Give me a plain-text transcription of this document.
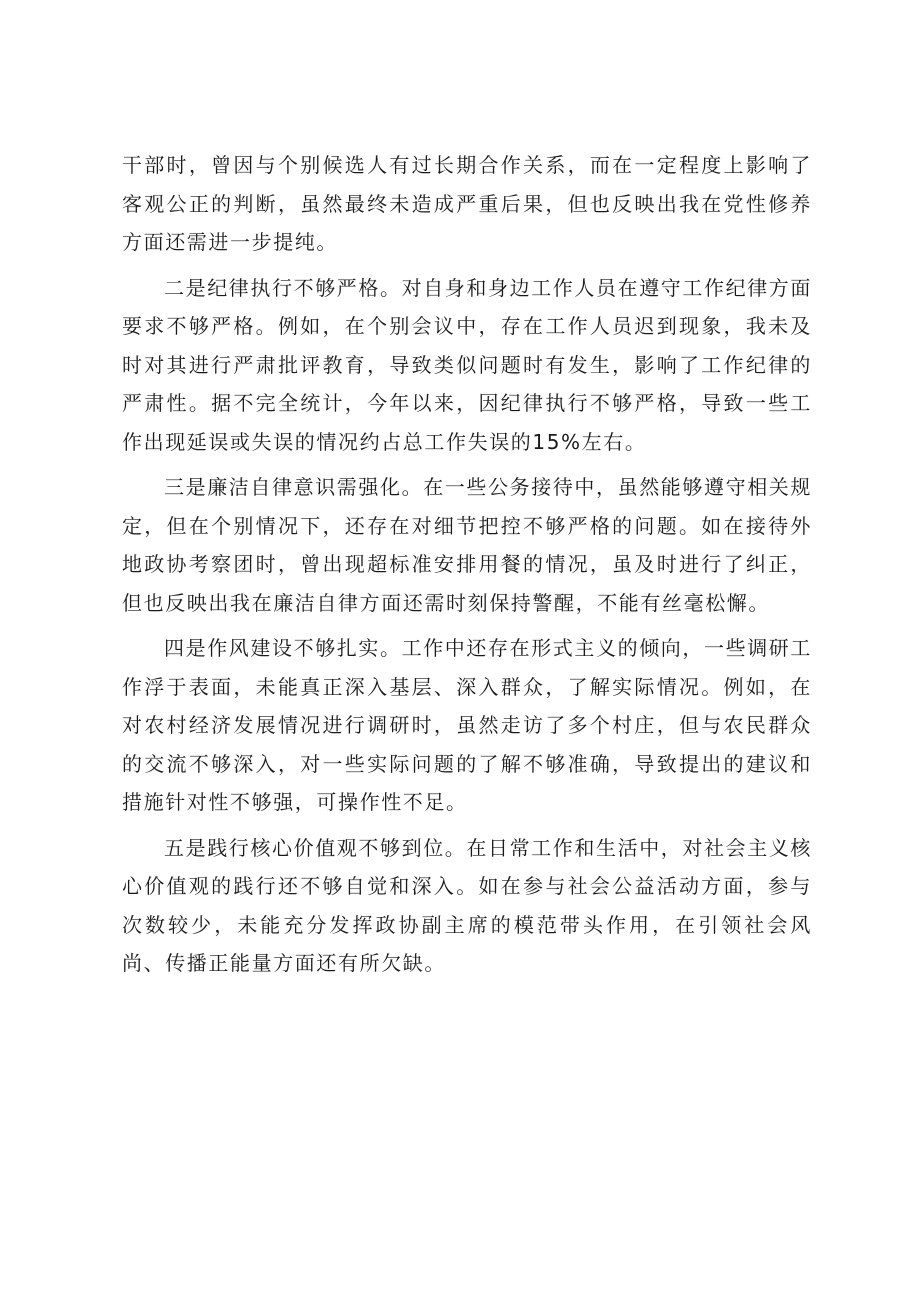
干部时，曾因与个别候选人有过长期合作关系，而在一定程度上影响了客观公正的判断，虽然最终未造成严重后果，但也反映出我在党性修养方面还需进一步提纯。

二是纪律执行不够严格。对自身和身边工作人员在遵守工作纪律方面要求不够严格。例如，在个别会议中，存在工作人员迟到现象，我未及时对其进行严肃批评教育，导致类似问题时有发生，影响了工作纪律的严肃性。据不完全统计，今年以来，因纪律执行不够严格，导致一些工作出现延误或失误的情况约占总工作失误的15%左右。

三是廉洁自律意识需强化。在一些公务接待中，虽然能够遵守相关规定，但在个别情况下，还存在对细节把控不够严格的问题。如在接待外地政协考察团时，曾出现超标准安排用餐的情况，虽及时进行了纠正，但也反映出我在廉洁自律方面还需时刻保持警醒，不能有丝毫松懈。

四是作风建设不够扎实。工作中还存在形式主义的倾向，一些调研工作浮于表面，未能真正深入基层、深入群众，了解实际情况。例如，在对农村经济发展情况进行调研时，虽然走访了多个村庄，但与农民群众的交流不够深入，对一些实际问题的了解不够准确，导致提出的建议和措施针对性不够强，可操作性不足。

五是践行核心价值观不够到位。在日常工作和生活中，对社会主义核心价值观的践行还不够自觉和深入。如在参与社会公益活动方面，参与次数较少，未能充分发挥政协副主席的模范带头作用，在引领社会风尚、传播正能量方面还有所欠缺。
